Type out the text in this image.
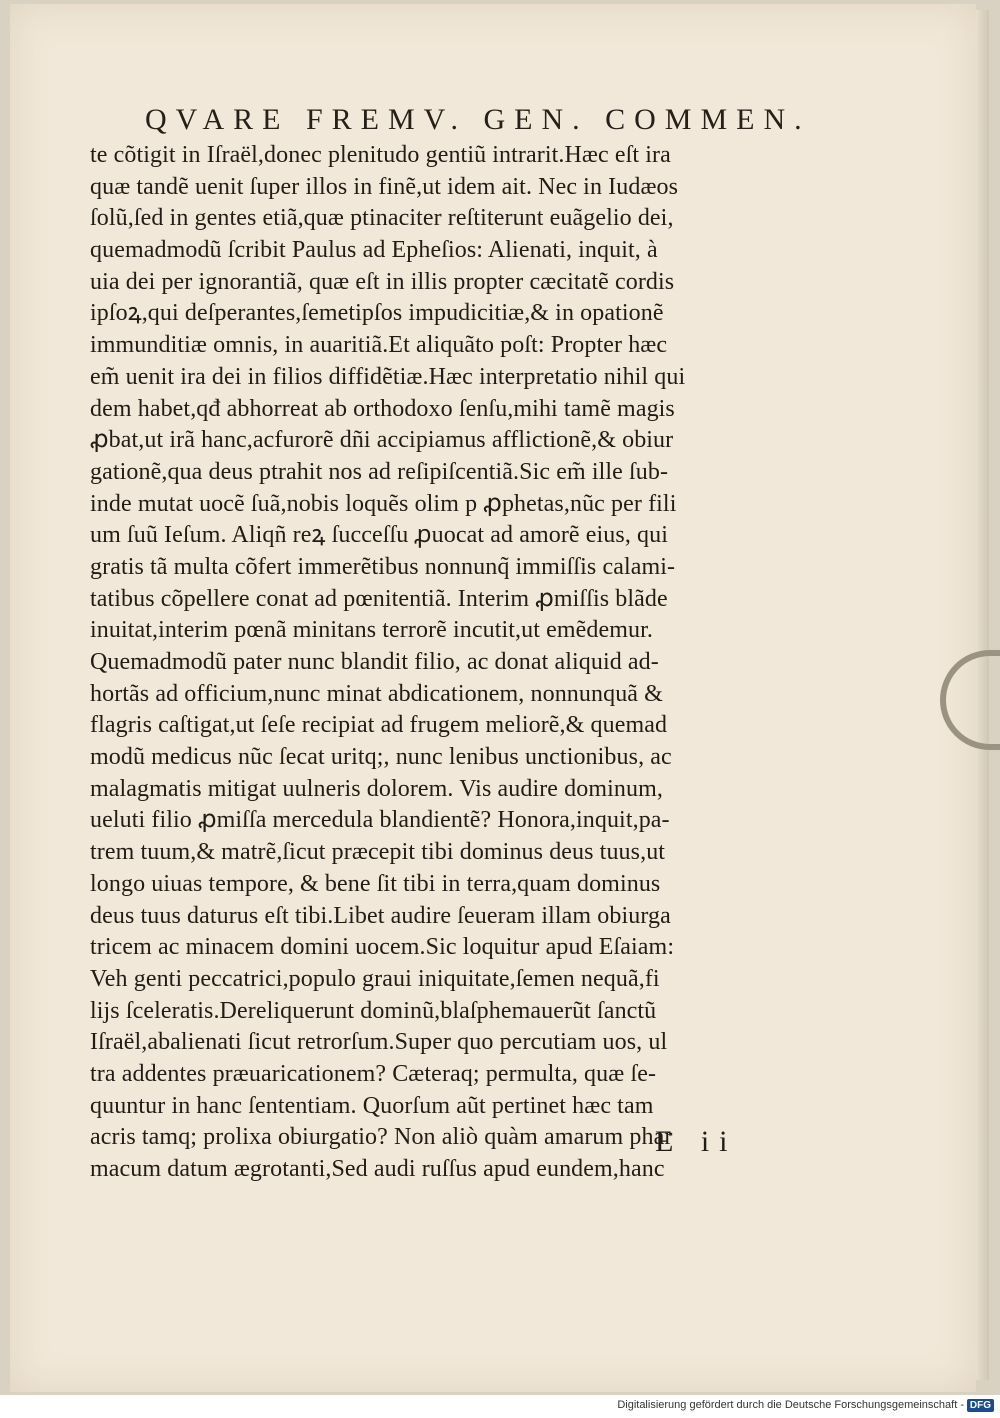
QVARE FREMV. GEN. COMMEN.
te cõtigit in Iſraël,donec plenitudo gentiũ intrarit.Hæc eſt ira
quæ tandẽ uenit ſuper illos in finẽ,ut idem ait. Nec in Iudæos
ſolũ,ſed in gentes etiã,quæ ptinaciter reſtiterunt euãgelio dei,
quemadmodũ ſcribit Paulus ad Epheſios: Alienati, inquit, à
uia dei per ignorantiã, quæ eſt in illis propter cæcitatẽ cordis
ipſoꝝ,qui deſperantes,ſemetipſos impudicitiæ,& in opationẽ
immunditiæ omnis, in auaritiã.Et aliquãto poſt: Propter hæc
em̃ uenit ira dei in filios diffidẽtiæ.Hæc interpretatio nihil qui
dem habet,qđ abhorreat ab orthodoxo ſenſu,mihi tamẽ magis
ꝓbat,ut irã hanc,acfurorẽ dñi accipiamus afflictionẽ,& obiur
gationẽ,qua deus ptrahit nos ad reſipiſcentiã.Sic em̃ ille ſub-
inde mutat uocẽ ſuã,nobis loquẽs olim p ꝓphetas,nũc per fili
um ſuũ Ieſum. Aliqñ reꝝ ſucceſſu ꝓuocat ad amorẽ eius, qui
gratis tã multa cõfert immerẽtibus nonnunq̃ immiſſis calami-
tatibus cõpellere conat ad pœnitentiã. Interim ꝓmiſſis blãde
inuitat,interim pœnã minitans terrorẽ incutit,ut emẽdemur.
Quemadmodũ pater nunc blandit filio, ac donat aliquid ad-
hortãs ad officium,nunc minat abdicationem, nonnunquã &
flagris caſtigat,ut ſeſe recipiat ad frugem meliorẽ,& quemad
modũ medicus nũc ſecat uritq;, nunc lenibus unctionibus, ac
malagmatis mitigat uulneris dolorem. Vis audire dominum,
ueluti filio ꝓmiſſa mercedula blandientẽ? Honora,inquit,pa-
trem tuum,& matrẽ,ſicut præcepit tibi dominus deus tuus,ut
longo uiuas tempore, & bene ſit tibi in terra,quam dominus
deus tuus daturus eſt tibi.Libet audire ſeueram illam obiurga
tricem ac minacem domini uocem.Sic loquitur apud Eſaiam:
Veh genti peccatrici,populo graui iniquitate,ſemen nequã,fi
lijs ſceleratis.Dereliquerunt dominũ,blaſphemauerũt ſanctũ
Iſraël,abalienati ſicut retrorſum.Super quo percutiam uos, ul
tra addentes præuaricationem? Cæteraq; permulta, quæ ſe-
quuntur in hanc ſententiam. Quorſum aũt pertinet hæc tam
acris tamq; prolixa obiurgatio? Non aliò quàm amarum phar
macum datum ægrotanti,Sed audi ruſſus apud eundem,hanc
E ii
Digitalisierung gefördert durch die Deutsche Forschungsgemeinschaft - DFG
